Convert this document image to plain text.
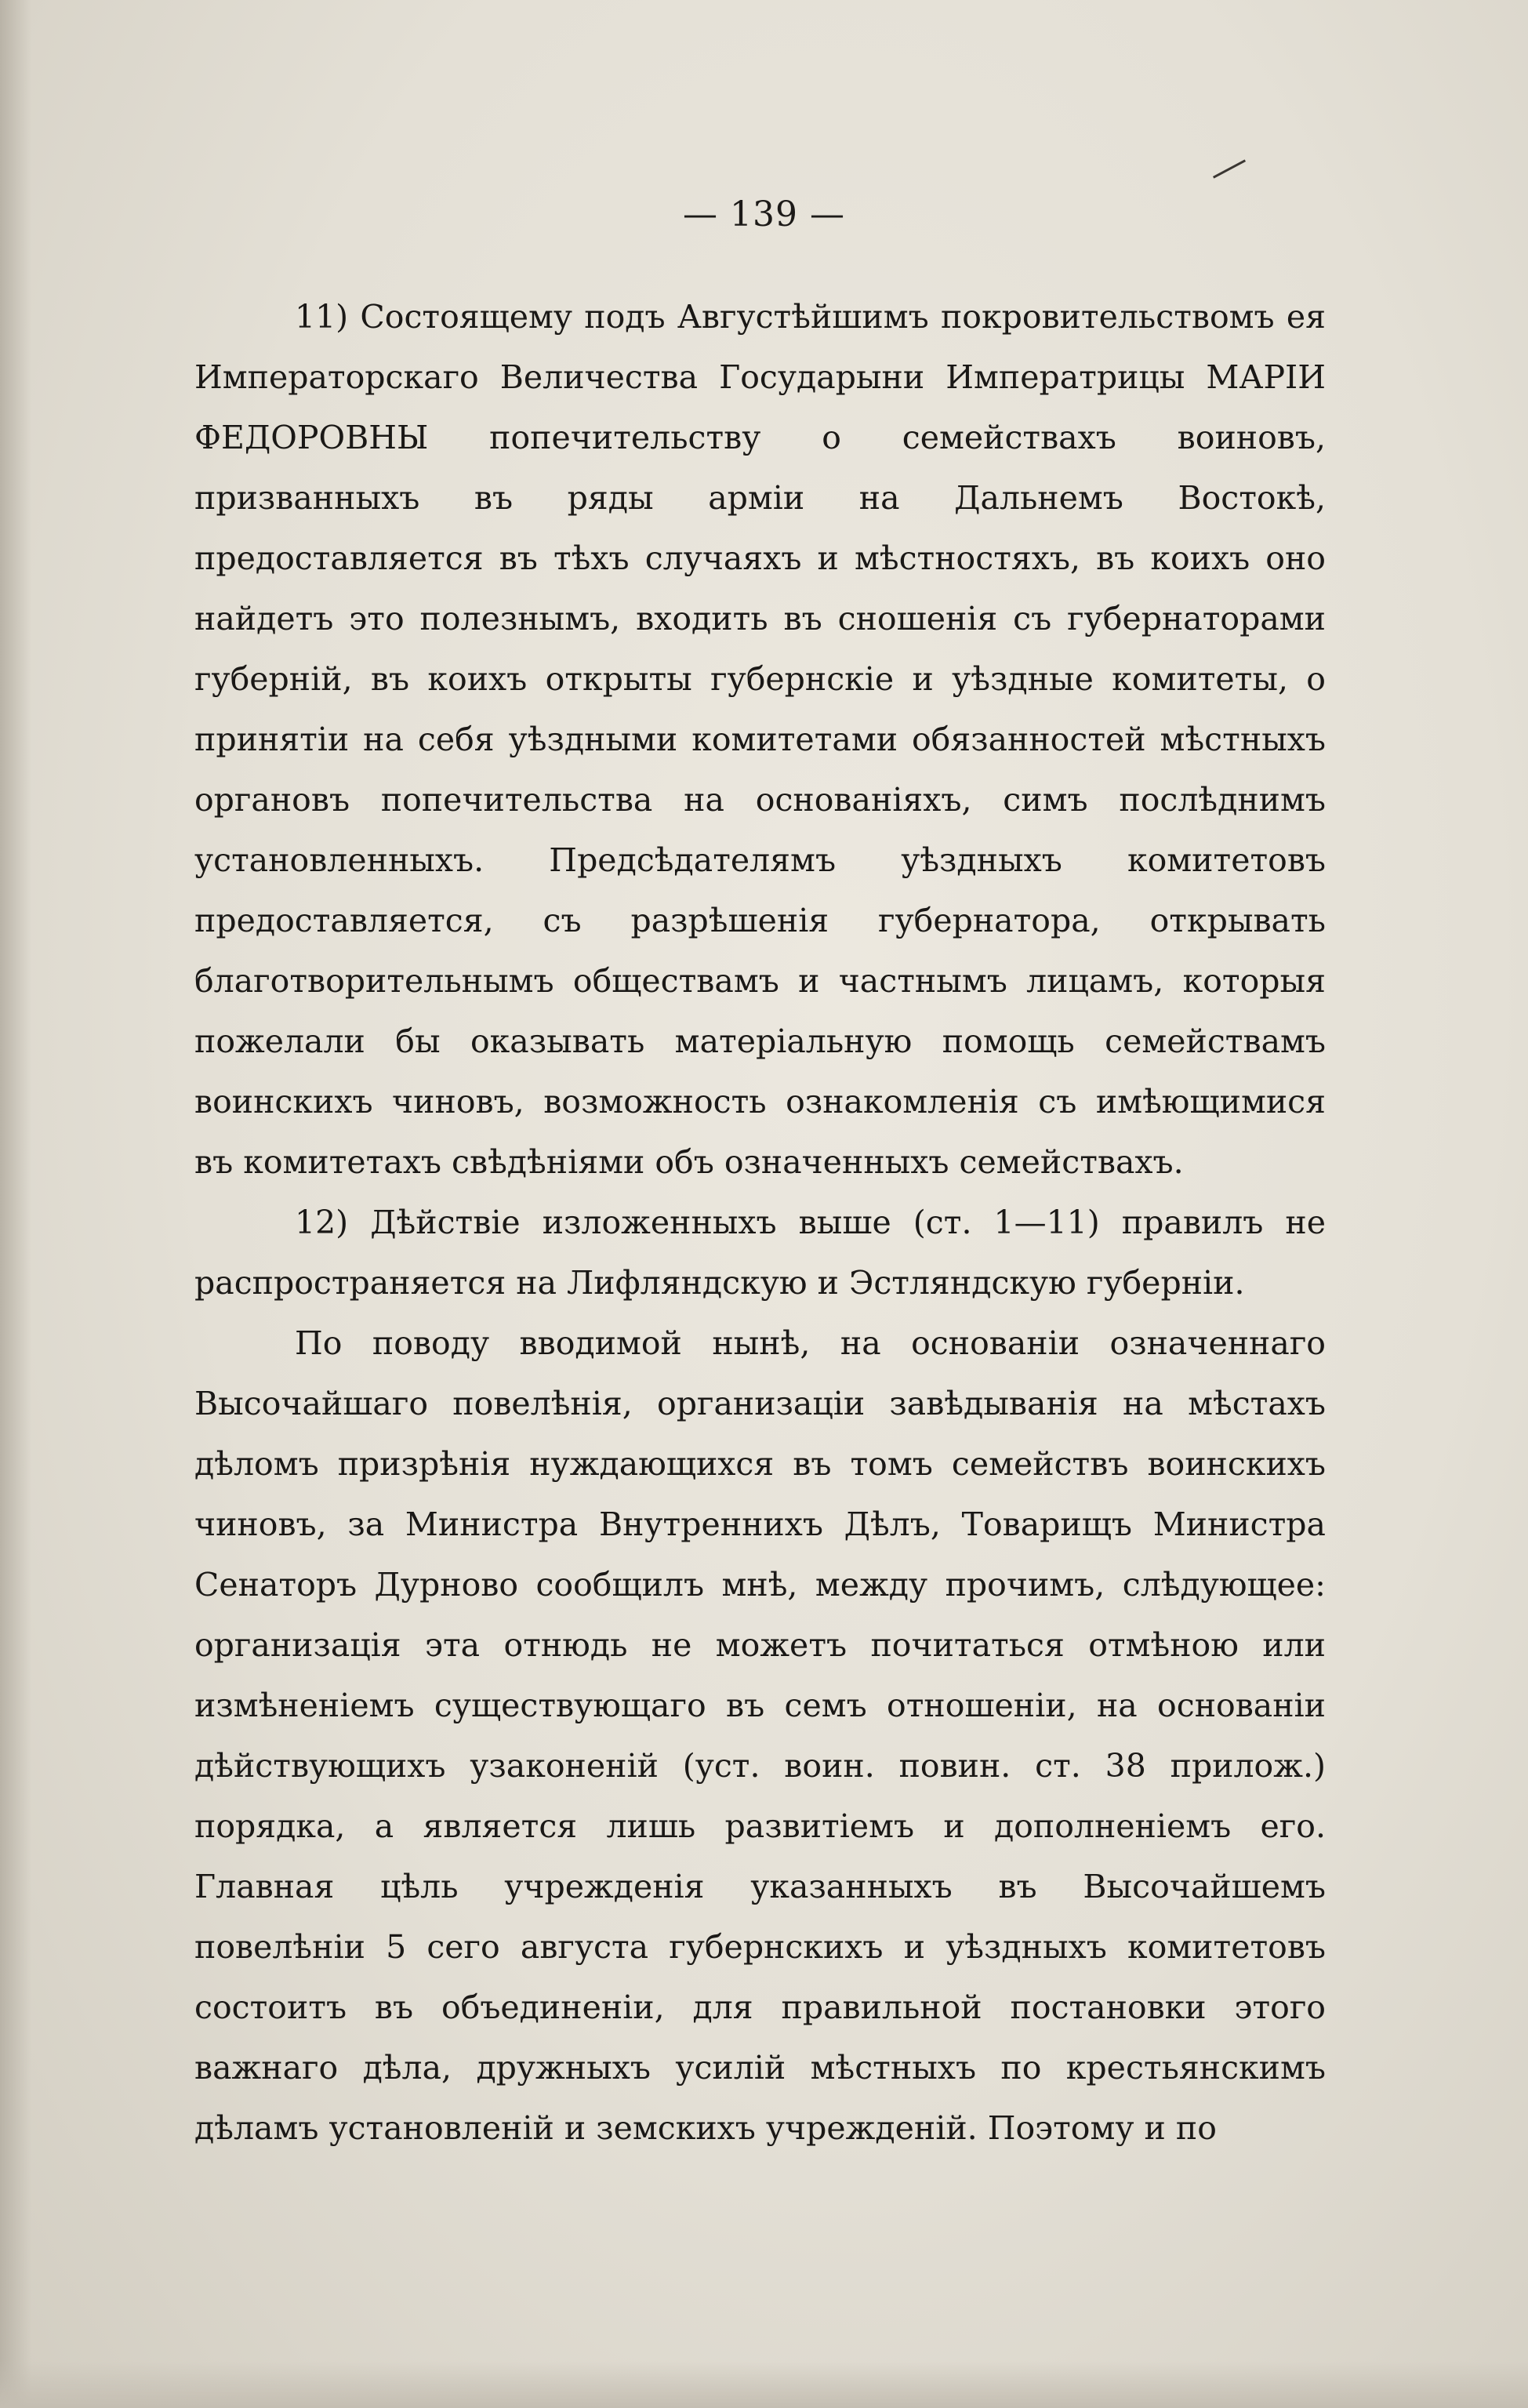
— 139 —

11) Состоящему подъ Августѣйшимъ покровительствомъ ея Императорскаго Величества Государыни Императрицы МАРІИ ФЕДОРОВНЫ попечительству о семействахъ воиновъ, призванныхъ въ ряды арміи на Дальнемъ Востокѣ, предоставляется въ тѣхъ случаяхъ и мѣстностяхъ, въ коихъ оно найдетъ это полезнымъ, входить въ сношенія съ губернаторами губерній, въ коихъ открыты губернскіе и уѣздные комитеты, о принятіи на себя уѣздными комитетами обязанностей мѣстныхъ органовъ попечительства на основаніяхъ, симъ послѣднимъ установленныхъ. Предсѣдателямъ уѣздныхъ комитетовъ предоставляется, съ разрѣшенія губернатора, открывать благотворительнымъ обществамъ и частнымъ лицамъ, которыя пожелали бы оказывать матеріальную помощь семействамъ воинскихъ чиновъ, возможность ознакомленія съ имѣющимися въ комитетахъ свѣдѣніями объ означенныхъ семействахъ.

12) Дѣйствіе изложенныхъ выше (ст. 1—11) правилъ не распространяется на Лифляндскую и Эстляндскую губерніи.

По поводу вводимой нынѣ, на основаніи означеннаго Высочайшаго повелѣнія, организаціи завѣдыванія на мѣстахъ дѣломъ призрѣнія нуждающихся въ томъ семействъ воинскихъ чиновъ, за Министра Внутреннихъ Дѣлъ, Товарищъ Министра Сенаторъ Дурново сообщилъ мнѣ, между прочимъ, слѣдующее: организація эта отнюдь не можетъ почитаться отмѣною или измѣненіемъ существующаго въ семъ отношеніи, на основаніи дѣйствующихъ узаконеній (уст. воин. повин. ст. 38 прилож.) порядка, а является лишь развитіемъ и дополненіемъ его. Главная цѣль учрежденія указанныхъ въ Высочайшемъ повелѣніи 5 сего августа губернскихъ и уѣздныхъ комитетовъ состоитъ въ объединеніи, для правильной постановки этого важнаго дѣла, дружныхъ усилій мѣстныхъ по крестьянскимъ дѣламъ установленій и земскихъ учрежденій. Поэтому и по
